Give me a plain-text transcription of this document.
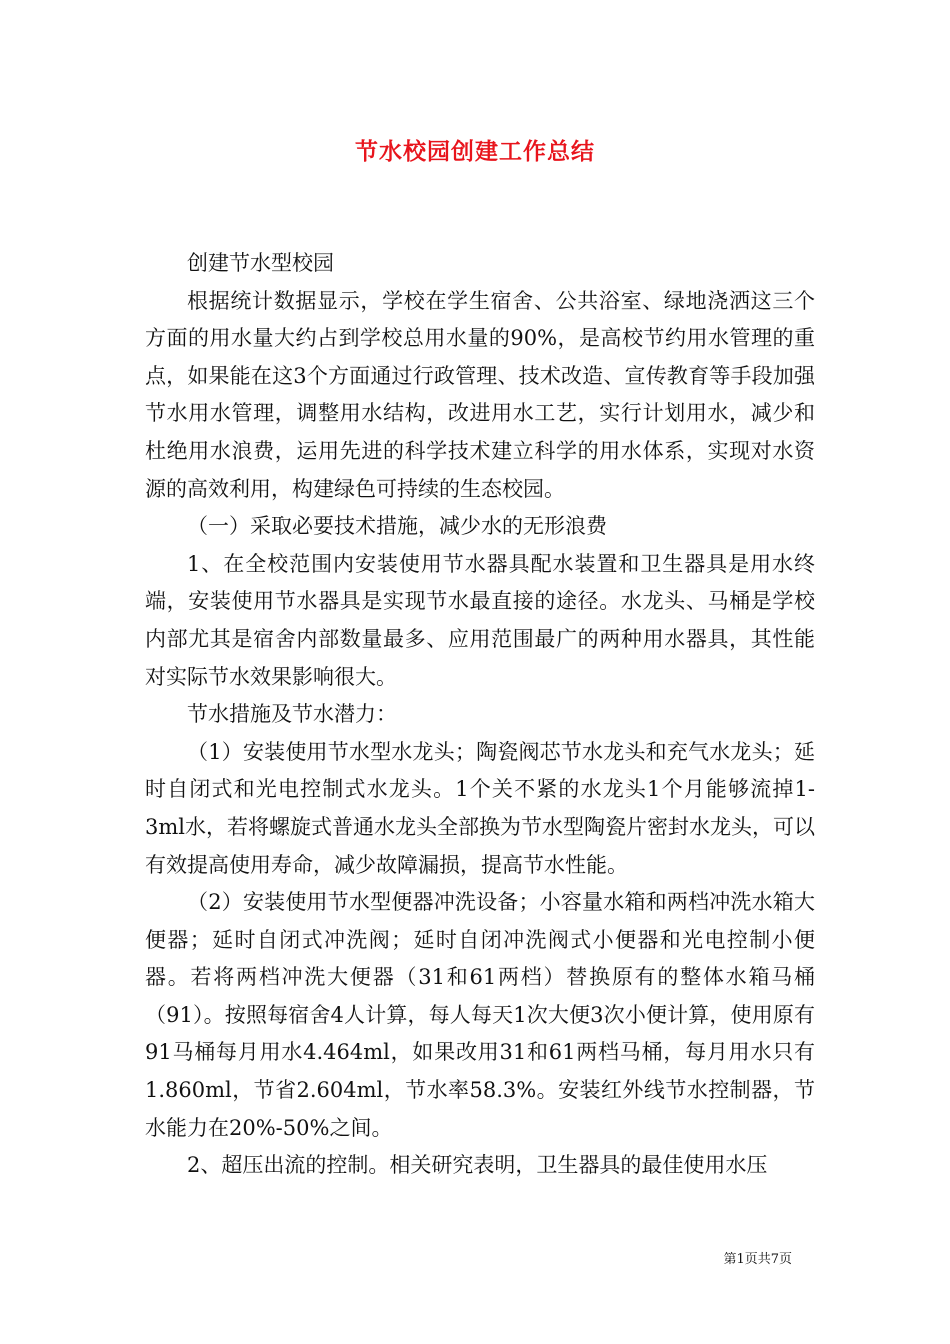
节水校园创建工作总结

创建节水型校园

根据统计数据显示，学校在学生宿舍、公共浴室、绿地浇洒这三个方面的用水量大约占到学校总用水量的90%，是高校节约用水管理的重点，如果能在这3个方面通过行政管理、技术改造、宣传教育等手段加强节水用水管理，调整用水结构，改进用水工艺，实行计划用水，减少和杜绝用水浪费，运用先进的科学技术建立科学的用水体系，实现对水资源的高效利用，构建绿色可持续的生态校园。

（一）采取必要技术措施，减少水的无形浪费

1、在全校范围内安装使用节水器具配水装置和卫生器具是用水终端，安装使用节水器具是实现节水最直接的途径。水龙头、马桶是学校内部尤其是宿舍内部数量最多、应用范围最广的两种用水器具，其性能对实际节水效果影响很大。

节水措施及节水潜力：

（1）安装使用节水型水龙头；陶瓷阀芯节水龙头和充气水龙头；延时自闭式和光电控制式水龙头。1个关不紧的水龙头1个月能够流掉1-3ml水，若将螺旋式普通水龙头全部换为节水型陶瓷片密封水龙头，可以有效提高使用寿命，减少故障漏损，提高节水性能。

（2）安装使用节水型便器冲洗设备；小容量水箱和两档冲洗水箱大便器；延时自闭式冲洗阀；延时自闭冲洗阀式小便器和光电控制小便器。若将两档冲洗大便器（31和61两档）替换原有的整体水箱马桶（91）。按照每宿舍4人计算，每人每天1次大便3次小便计算，使用原有91马桶每月用水4.464ml，如果改用31和61两档马桶，每月用水只有1.860ml，节省2.604ml，节水率58.3%。安装红外线节水控制器，节水能力在20%-50%之间。

2、超压出流的控制。相关研究表明，卫生器具的最佳使用水压

第1页共7页
